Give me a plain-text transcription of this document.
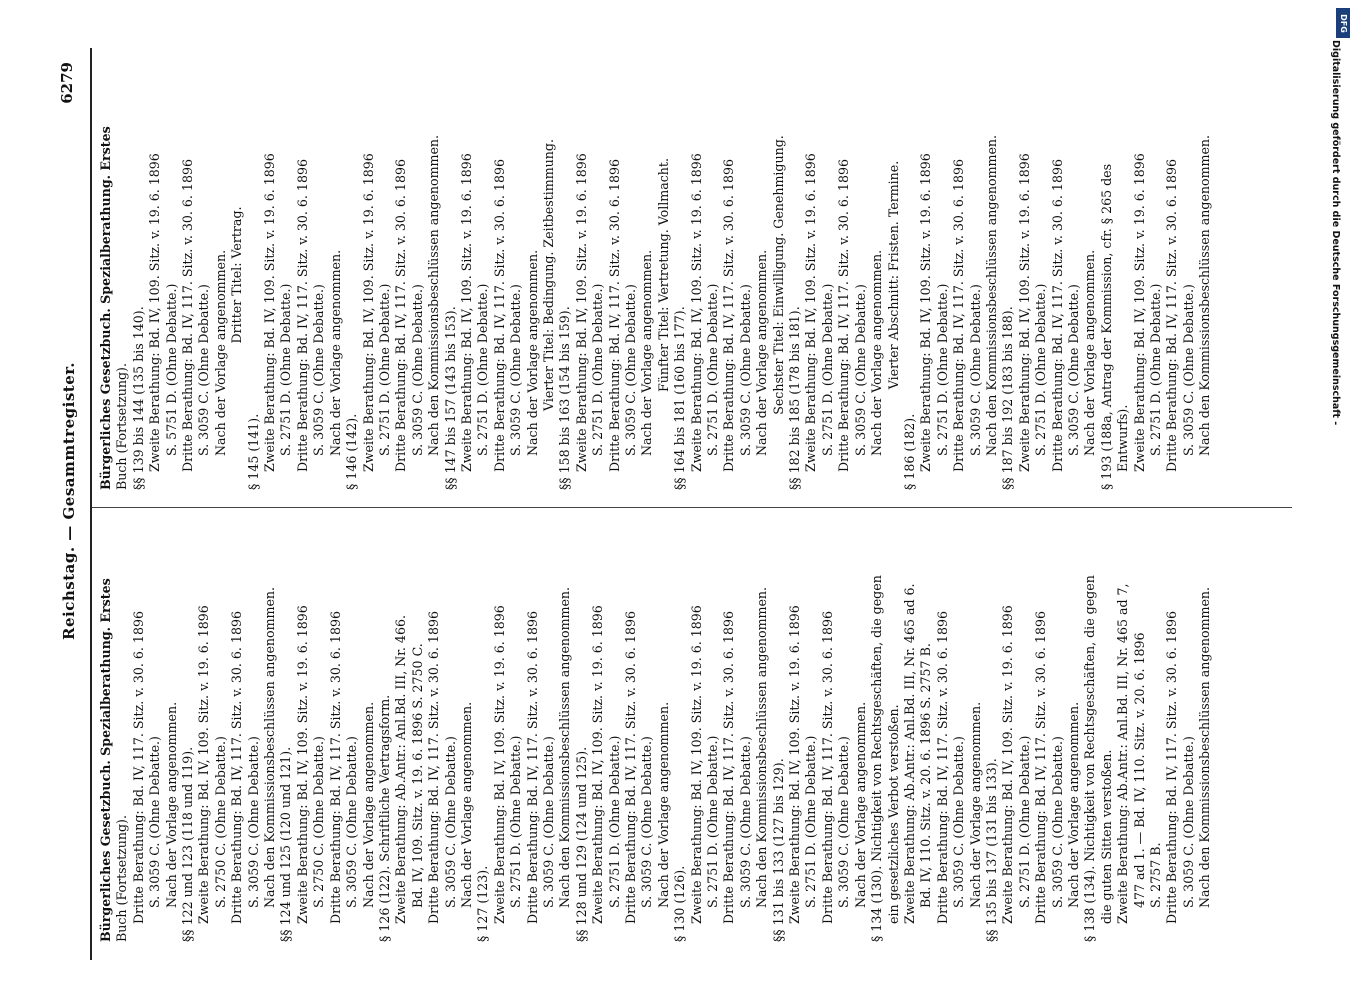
Reichstag. — Gesammtregister.
6279
Bürgerliches Gesetzbuch. Spezialberathung. Erstes Buch (Fortsetzung). Dritte Berathung: Bd. IV, 117. Sitz. v. 30. 6. 1896 S. 3059 C. (Ohne Debatte.) Nach der Vorlage angenommen. §§ 122 und 123 (118 und 119). Zweite Berathung: Bd. IV, 109. Sitz. v. 19. 6. 1896 S. 2750 C. (Ohne Debatte.) Dritte Berathung: Bd. IV, 117. Sitz. v. 30. 6. 1896 S. 3059 C. (Ohne Debatte.) Nach den Kommissionsbeschlüssen angenommen. §§ 124 und 125 (120 und 121). Zweite Berathung: Bd. IV, 109. Sitz. v. 19. 6. 1896 S. 2750 C. (Ohne Debatte.) Dritte Berathung: Bd. IV, 117. Sitz. v. 30. 6. 1896 S. 3059 C. (Ohne Debatte.) Nach der Vorlage angenommen. § 126 (122). Schriftliche Vertragsform. Zweite Berathung: Ab.Antr.: Anl.Bd. III, Nr. 466. Bd. IV, 109. Sitz. v. 19. 6. 1896 S. 2750 C. Dritte Berathung: Bd. IV, 117. Sitz. v. 30. 6. 1896 S. 3059 C. (Ohne Debatte.) Nach der Vorlage angenommen. § 127 (123). Zweite Berathung: Bd. IV, 109. Sitz. v. 19. 6. 1896 S. 2751 D. (Ohne Debatte.) Dritte Berathung: Bd. IV, 117. Sitz. v. 30. 6. 1896 S. 3059 C. (Ohne Debatte.) Nach den Kommissionsbeschlüssen angenommen. §§ 128 und 129 (124 und 125). Zweite Berathung: Bd. IV, 109. Sitz. v. 19. 6. 1896 S. 2751 D. (Ohne Debatte.) Dritte Berathung: Bd. IV, 117. Sitz. v. 30. 6. 1896 S. 3059 C. (Ohne Debatte.) Nach der Vorlage angenommen. § 130 (126). Zweite Berathung: Bd. IV, 109. Sitz. v. 19. 6. 1896 S. 2751 D. (Ohne Debatte.) Dritte Berathung: Bd. IV, 117. Sitz. v. 30. 6. 1896 S. 3059 C. (Ohne Debatte.) Nach den Kommissionsbeschlüssen angenommen. §§ 131 bis 133 (127 bis 129). Zweite Berathung: Bd. IV, 109. Sitz. v. 19. 6. 1896 S. 2751 D. (Ohne Debatte.) Dritte Berathung: Bd. IV, 117. Sitz. v. 30. 6. 1896 S. 3059 C. (Ohne Debatte.) Nach der Vorlage angenommen. § 134 (130). Nichtigkeit von Rechtsgeschäften, die gegen ein gesetzliches Verbot verstoßen. Zweite Berathung: Ab.Antr.: Anl.Bd. III, Nr. 465 ad 6. Bd. IV, 110. Sitz. v. 20. 6. 1896 S. 2757 B. Dritte Berathung: Bd. IV, 117. Sitz. v. 30. 6. 1896 S. 3059 C. (Ohne Debatte.) Nach der Vorlage angenommen. §§ 135 bis 137 (131 bis 133). Zweite Berathung: Bd. IV, 109. Sitz. v. 19. 6. 1896 S. 2751 D. (Ohne Debatte.) Dritte Berathung: Bd. IV, 117. Sitz. v. 30. 6. 1896 S. 3059 C. (Ohne Debatte.) Nach der Vorlage angenommen. § 138 (134). Nichtigkeit von Rechtsgeschäften, die gegen die guten Sitten verstoßen. Zweite Berathung: Ab.Antr.: Anl.Bd. III, Nr. 465 ad 7, 477 ad 1. — Bd. IV, 110. Sitz. v. 20. 6. 1896 S. 2757 B. Dritte Berathung: Bd. IV, 117. Sitz. v. 30. 6. 1896 S. 3059 C. (Ohne Debatte.) Nach den Kommissionsbeschlüssen angenommen.
Bürgerliches Gesetzbuch. Spezialberathung. Erstes Buch (Fortsetzung). §§ 139 bis 144 (135 bis 140). Zweite Berathung: Bd. IV, 109. Sitz. v. 19. 6. 1896 S. 5751 D. (Ohne Debatte.) Dritte Berathung: Bd. IV, 117. Sitz. v. 30. 6. 1896 S. 3059 C. (Ohne Debatte.) Nach der Vorlage angenommen. Dritter Titel: Vertrag.
§ 145 (141). Zweite Berathung: Bd. IV, 109. Sitz. v. 19. 6. 1896 S. 2751 D. (Ohne Debatte.) Dritte Berathung: Bd. IV, 117. Sitz. v. 30. 6. 1896 S. 3059 C. (Ohne Debatte.) Nach der Vorlage angenommen. § 146 (142). Zweite Berathung: Bd. IV, 109. Sitz. v. 19. 6. 1896 S. 2751 D. (Ohne Debatte.) Dritte Berathung: Bd. IV, 117. Sitz. v. 30. 6. 1896 S. 3059 C. (Ohne Debatte.) Nach den Kommissionsbeschlüssen angenommen. §§ 147 bis 157 (143 bis 153). Zweite Berathung: Bd. IV, 109. Sitz. v. 19. 6. 1896 S. 2751 D. (Ohne Debatte.) Dritte Berathung: Bd. IV, 117. Sitz. v. 30. 6. 1896 S. 3059 C. (Ohne Debatte.) Nach der Vorlage angenommen. Vierter Titel: Bedingung. Zeitbestimmung. §§ 158 bis 163 (154 bis 159). Zweite Berathung: Bd. IV, 109. Sitz. v. 19. 6. 1896 S. 2751 D. (Ohne Debatte.) Dritte Berathung: Bd. IV, 117. Sitz. v. 30. 6. 1896 S. 3059 C. (Ohne Debatte.) Nach der Vorlage angenommen. Fünfter Titel: Vertretung. Vollmacht.
§§ 164 bis 181 (160 bis 177). Zweite Berathung: Bd. IV, 109. Sitz. v. 19. 6. 1896 S. 2751 D. (Ohne Debatte.) Dritte Berathung: Bd. IV, 117. Sitz. v. 30. 6. 1896 S. 3059 C. (Ohne Debatte.) Nach der Vorlage angenommen. Sechster Titel: Einwilligung. Genehmigung. §§ 182 bis 185 (178 bis 181). Zweite Berathung: Bd. IV, 109. Sitz. v. 19. 6. 1896 S. 2751 D. (Ohne Debatte.) Dritte Berathung: Bd. IV, 117. Sitz. v. 30. 6. 1896 S. 3059 C. (Ohne Debatte.) Nach der Vorlage angenommen. Vierter Abschnitt: Fristen. Termine.
§ 186 (182). Zweite Berathung: Bd. IV, 109. Sitz. v. 19. 6. 1896 S. 2751 D. (Ohne Debatte.) Dritte Berathung: Bd. IV, 117. Sitz. v. 30. 6. 1896 S. 3059 C. (Ohne Debatte.) Nach den Kommissionsbeschlüssen angenommen. §§ 187 bis 192 (183 bis 188). Zweite Berathung: Bd. IV, 109. Sitz. v. 19. 6. 1896 S. 2751 D. (Ohne Debatte.) Dritte Berathung: Bd. IV, 117. Sitz. v. 30. 6. 1896 S. 3059 C. (Ohne Debatte.) Nach der Vorlage angenommen. § 193 (188a, Antrag der Kommission, cfr. § 265 des Entwurfs). Zweite Berathung: Bd. IV, 109. Sitz. v. 19. 6. 1896 S. 2751 D. (Ohne Debatte.) Dritte Berathung: Bd. IV, 117. Sitz. v. 30. 6. 1896 S. 3059 C. (Ohne Debatte.) Nach den Kommissionsbeschlüssen angenommen.
DFG
Digitalisierung gefördert durch die Deutsche Forschungsgemeinschaft -
